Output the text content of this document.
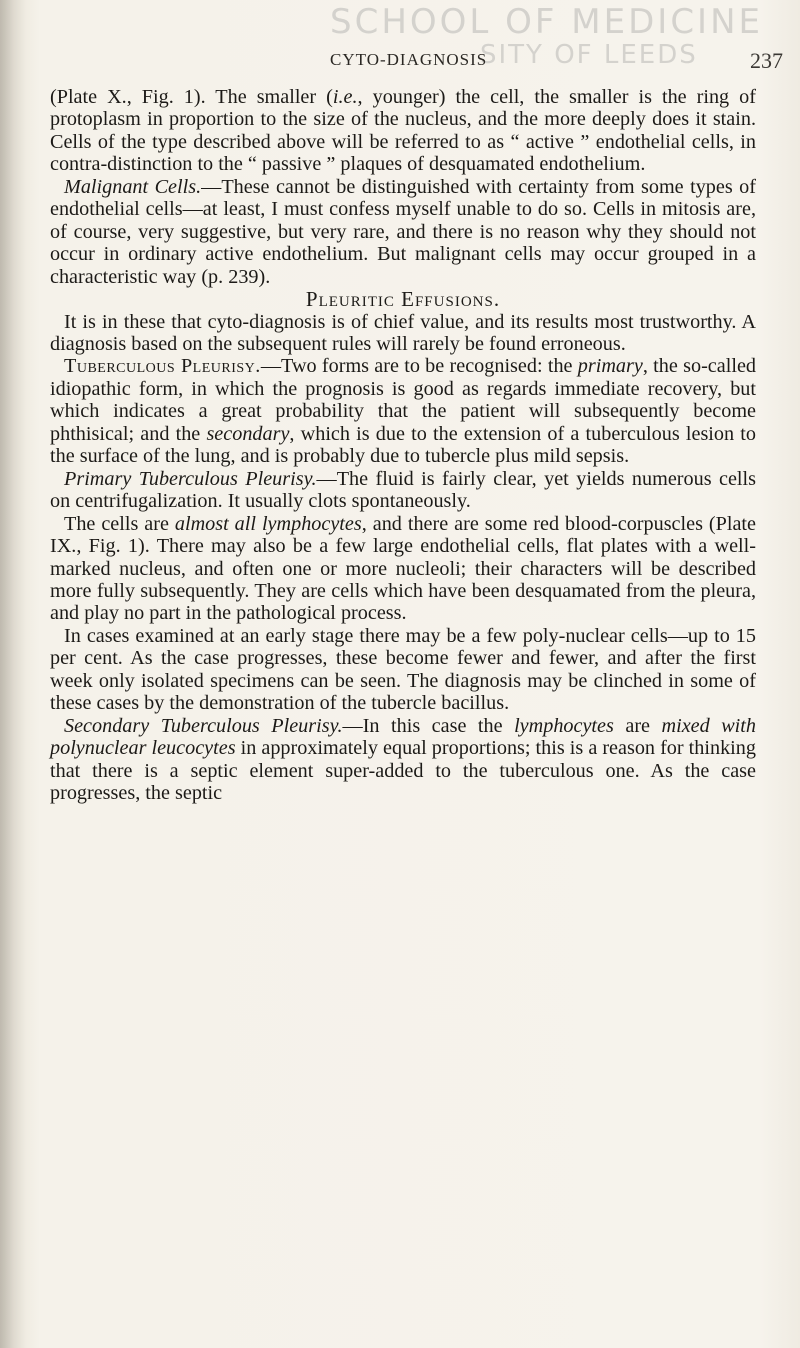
SCHOOL OF MEDICINE
SITY OF LEEDS
CYTO-DIAGNOSIS	237

(Plate X., Fig. 1). The smaller (i.e., younger) the cell, the smaller is the ring of protoplasm in proportion to the size of the nucleus, and the more deeply does it stain. Cells of the type described above will be referred to as “ active ” endothelial cells, in contra-distinction to the “ passive ” plaques of desquamated endothelium.

Malignant Cells.—These cannot be distinguished with certainty from some types of endothelial cells—at least, I must confess myself unable to do so. Cells in mitosis are, of course, very suggestive, but very rare, and there is no reason why they should not occur in ordinary active endothelium. But malignant cells may occur grouped in a characteristic way (p. 239).

Pleuritic Effusions.

It is in these that cyto-diagnosis is of chief value, and its results most trustworthy. A diagnosis based on the subsequent rules will rarely be found erroneous.

Tuberculous Pleurisy.—Two forms are to be recognised: the primary, the so-called idiopathic form, in which the prognosis is good as regards immediate recovery, but which indicates a great probability that the patient will subsequently become phthisical; and the secondary, which is due to the extension of a tuberculous lesion to the surface of the lung, and is probably due to tubercle plus mild sepsis.

Primary Tuberculous Pleurisy.—The fluid is fairly clear, yet yields numerous cells on centrifugalization. It usually clots spontaneously.

The cells are almost all lymphocytes, and there are some red blood-corpuscles (Plate IX., Fig. 1). There may also be a few large endothelial cells, flat plates with a well-marked nucleus, and often one or more nucleoli; their characters will be described more fully subsequently. They are cells which have been desquamated from the pleura, and play no part in the pathological process.

In cases examined at an early stage there may be a few poly-nuclear cells—up to 15 per cent. As the case progresses, these become fewer and fewer, and after the first week only isolated specimens can be seen. The diagnosis may be clinched in some of these cases by the demonstration of the tubercle bacillus.

Secondary Tuberculous Pleurisy.—In this case the lymphocytes are mixed with polynuclear leucocytes in approximately equal proportions; this is a reason for thinking that there is a septic element super-added to the tuberculous one. As the case progresses, the septic
